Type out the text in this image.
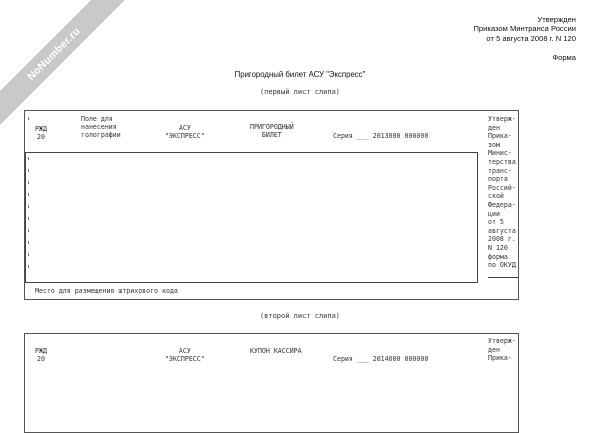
NoNumber.ru
Утвержден
Приказом Минтранса России
от 5 августа 2008 г. N 120
Форма
Пригородный билет АСУ "Экспресс"
(первый лист слипа)
РЖД
20
Поле для
нанесения
голографии
АСУ
"ЭКСПРЕСС"
ПРИГОРОДНЫЙ
БИЛЕТ	Серия ___ 2013000 000000
Утверж-
ден
Прика-
зом
Минис-
терства
транс-
порта
Россий-
ской
Федера-
ции
от 5
августа
2008 г.
N 120
форма
по ОКУД
Место для размещения штрихового кода
(второй лист слипа)
РЖД
20
АСУ
"ЭКСПРЕСС"
КУПОН КАССИРА
Серия ___ 2014000 000000
Утверж-
ден
Прика-
